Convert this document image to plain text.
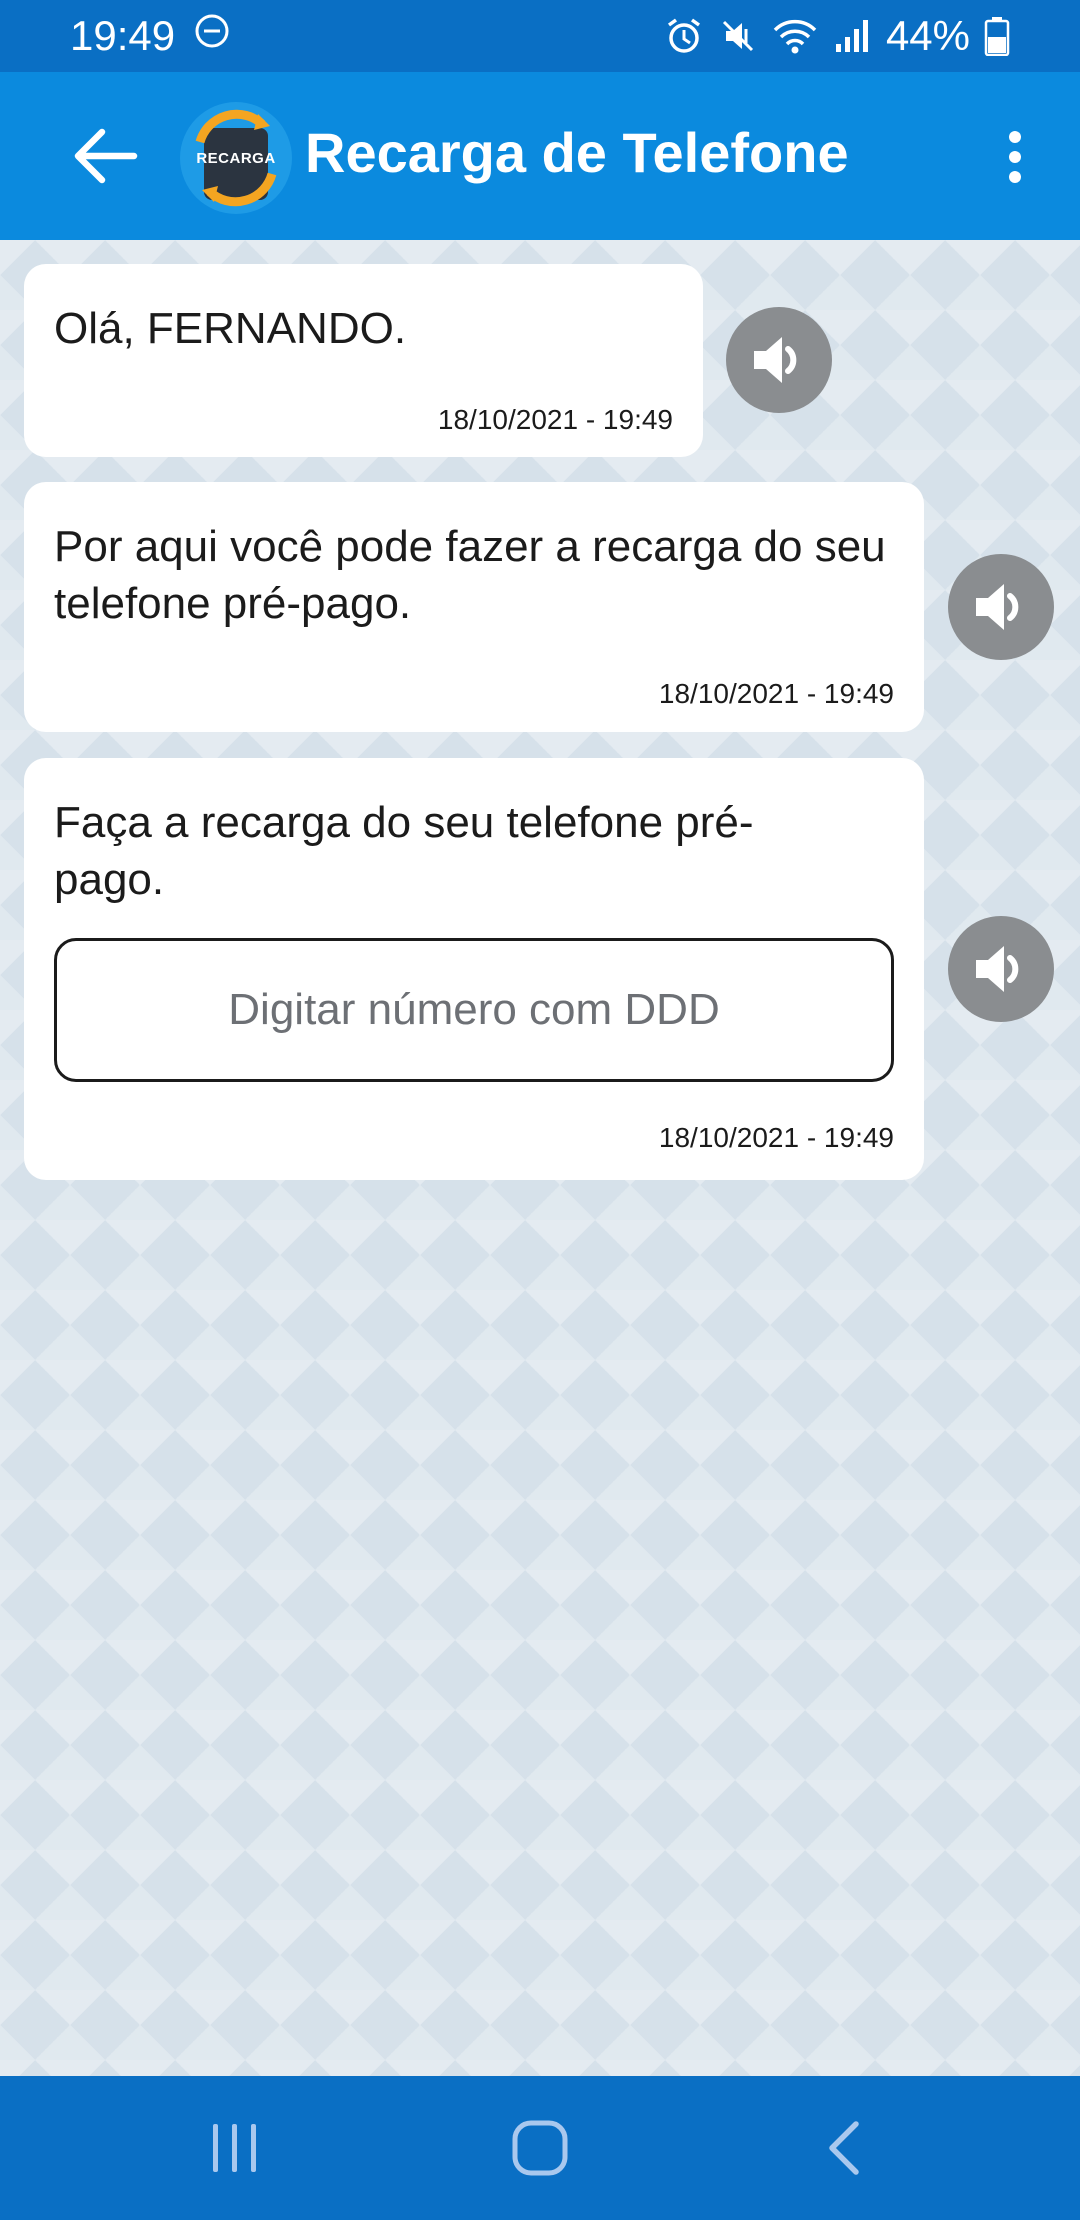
19:49	44%
RECARGA Recarga de Telefone
Olá, FERNANDO.
18/10/2021 - 19:49
Por aqui você pode fazer a recarga do seu telefone pré-pago.
18/10/2021 - 19:49
Faça a recarga do seu telefone pré-pago.
Digitar número com DDD
18/10/2021 - 19:49
